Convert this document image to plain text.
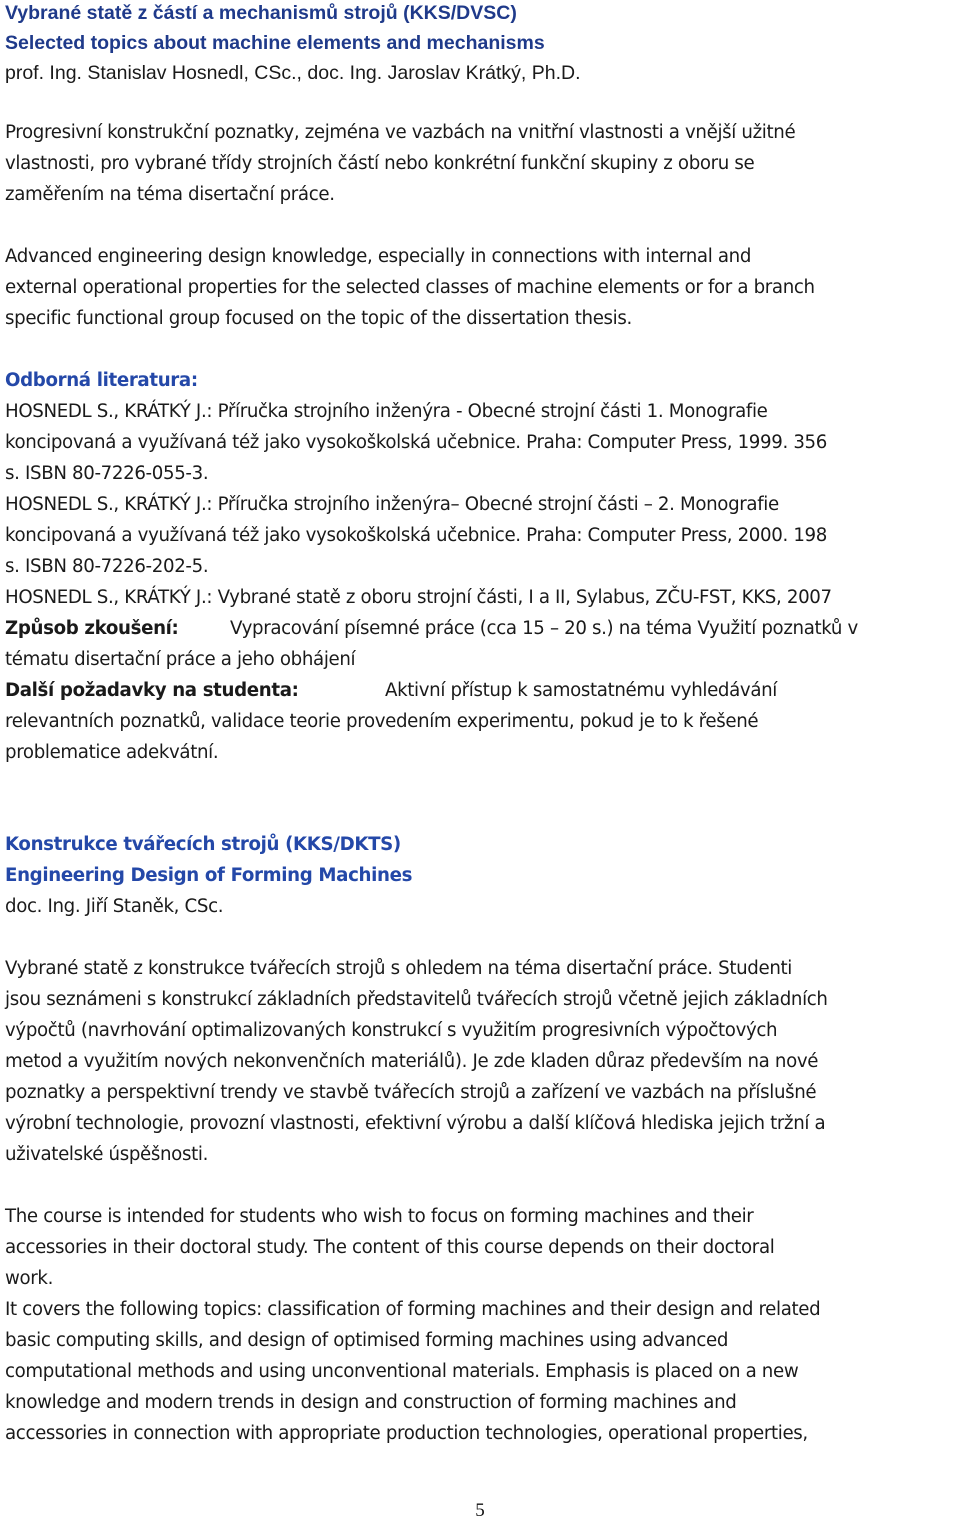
Vybrané statě z částí a mechanismů strojů (KKS/DVSC)
Selected topics about machine elements and mechanisms
prof. Ing. Stanislav Hosnedl, CSc., doc. Ing. Jaroslav Krátký, Ph.D.
Progresivní konstrukční poznatky, zejména ve vazbách na vnitřní vlastnosti a vnější užitné
vlastnosti, pro vybrané třídy strojních částí nebo konkrétní funkční skupiny z oboru se
zaměřením na téma disertační práce.
Advanced engineering design knowledge, especially in connections with internal and
external operational properties for the selected classes of machine elements or for a branch
specific functional group focused on the topic of the dissertation thesis.
Odborná literatura:
HOSNEDL S., KRÁTKÝ J.: Příručka strojního inženýra - Obecné strojní části 1. Monografie
koncipovaná a využívaná též jako vysokoškolská učebnice. Praha: Computer Press, 1999. 356
s. ISBN 80-7226-055-3.
HOSNEDL S., KRÁTKÝ J.: Příručka strojního inženýra– Obecné strojní části – 2. Monografie
koncipovaná a využívaná též jako vysokoškolská učebnice. Praha: Computer Press, 2000. 198
s. ISBN 80-7226-202-5.
HOSNEDL S., KRÁTKÝ J.: Vybrané statě z oboru strojní části, I a II, Sylabus, ZČU-FST, KKS, 2007
Způsob zkoušení:	Vypracování písemné práce (cca 15 – 20 s.) na téma Využití poznatků v
tématu disertační práce a jeho obhájení
Další požadavky na studenta:	Aktivní přístup k samostatnému vyhledávání
relevantních poznatků, validace teorie provedením experimentu, pokud je to k řešené
problematice adekvátní.
Konstrukce tvářecích strojů (KKS/DKTS)
Engineering Design of Forming Machines
doc. Ing. Jiří Staněk, CSc.
Vybrané statě z konstrukce tvářecích strojů s ohledem na téma disertační práce. Studenti
jsou seznámeni s konstrukcí základních představitelů tvářecích strojů včetně jejich základních
výpočtů (navrhování optimalizovaných konstrukcí s využitím progresivních výpočtových
metod a využitím nových nekonvenčních materiálů). Je zde kladen důraz především na nové
poznatky a perspektivní trendy ve stavbě tvářecích strojů a zařízení ve vazbách na příslušné
výrobní technologie, provozní vlastnosti, efektivní výrobu a další klíčová hlediska jejich tržní a
uživatelské úspěšnosti.
The course is intended for students who wish to focus on forming machines and their
accessories in their doctoral study. The content of this course depends on their doctoral
work.
It covers the following topics: classification of forming machines and their design and related
basic computing skills, and design of optimised forming machines using advanced
computational methods and using unconventional materials. Emphasis is placed on a new
knowledge and modern trends in design and construction of forming machines and
accessories in connection with appropriate production technologies, operational properties,
5
